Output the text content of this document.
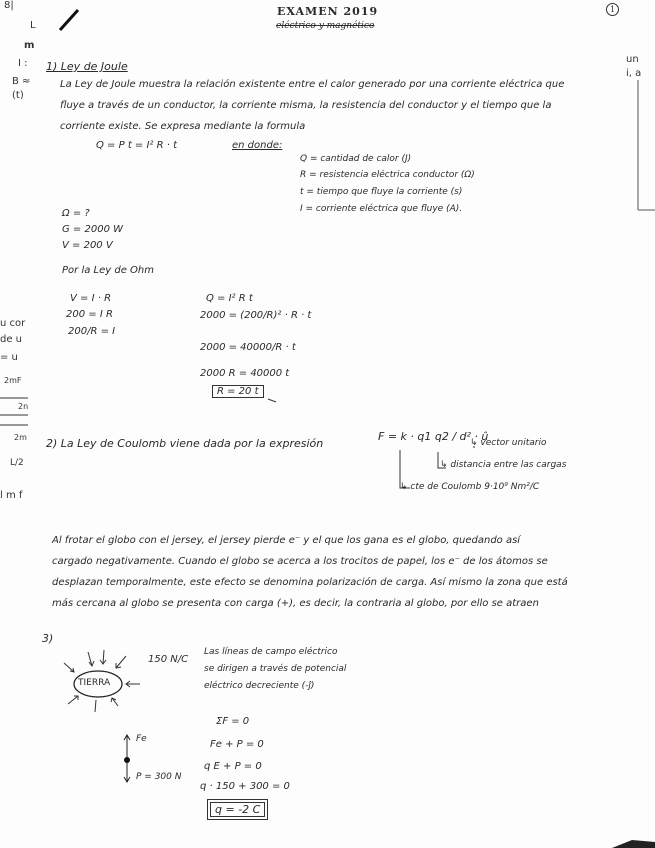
EXAMEN 2019
eléctrico y magnético
1
8|
L
m
I :
B ≈
(t)
u cor
de u
= u
2mF
2n
2m
L/2
l m f
un
i, a
1) Ley de Joule
La Ley de Joule muestra la relación existente entre el calor generado por una corriente eléctrica que
fluye a través de un conductor, la corriente misma, la resistencia del conductor y el tiempo que la
corriente existe. Se expresa mediante la formula
Q = P t = I² R · t	en donde:
Q = cantidad de calor (J)
R = resistencia eléctrica conductor (Ω)
t = tiempo que fluye la corriente (s)
I = corriente eléctrica que fluye (A).
Ω = ?
G = 2000 W
V = 200 V
Por la Ley de Ohm
V = I · R
200 = I R
200/R = I
Q = I² R t
2000 = (200/R)² · R · t
2000 = 40000/R · t
2000 R = 40000 t
R = 20 t
2) La Ley de Coulomb viene dada por la expresión
F = k · q1 q2 / d² · û
↳ vector unitario
↳ distancia entre las cargas
↳ cte de Coulomb 9·10⁹ Nm²/C
Al frotar el globo con el jersey, el jersey pierde e⁻ y el que los gana es el globo, quedando así
cargado negativamente. Cuando el globo se acerca a los trocitos de papel, los e⁻ de los átomos se
desplazan temporalmente, este efecto se denomina polarización de carga. Así mismo la zona que está
más cercana al globo se presenta con carga (+), es decir, la contraria al globo, por ello se atraen
3)
TIERRA
150 N/C
Las líneas de campo eléctrico
se dirigen a través de potencial
eléctrico decreciente (-ĵ)
Fe
P = 300 N
ΣF = 0
Fe + P = 0
q E + P = 0
q · 150 + 300 = 0
q = -2 C
